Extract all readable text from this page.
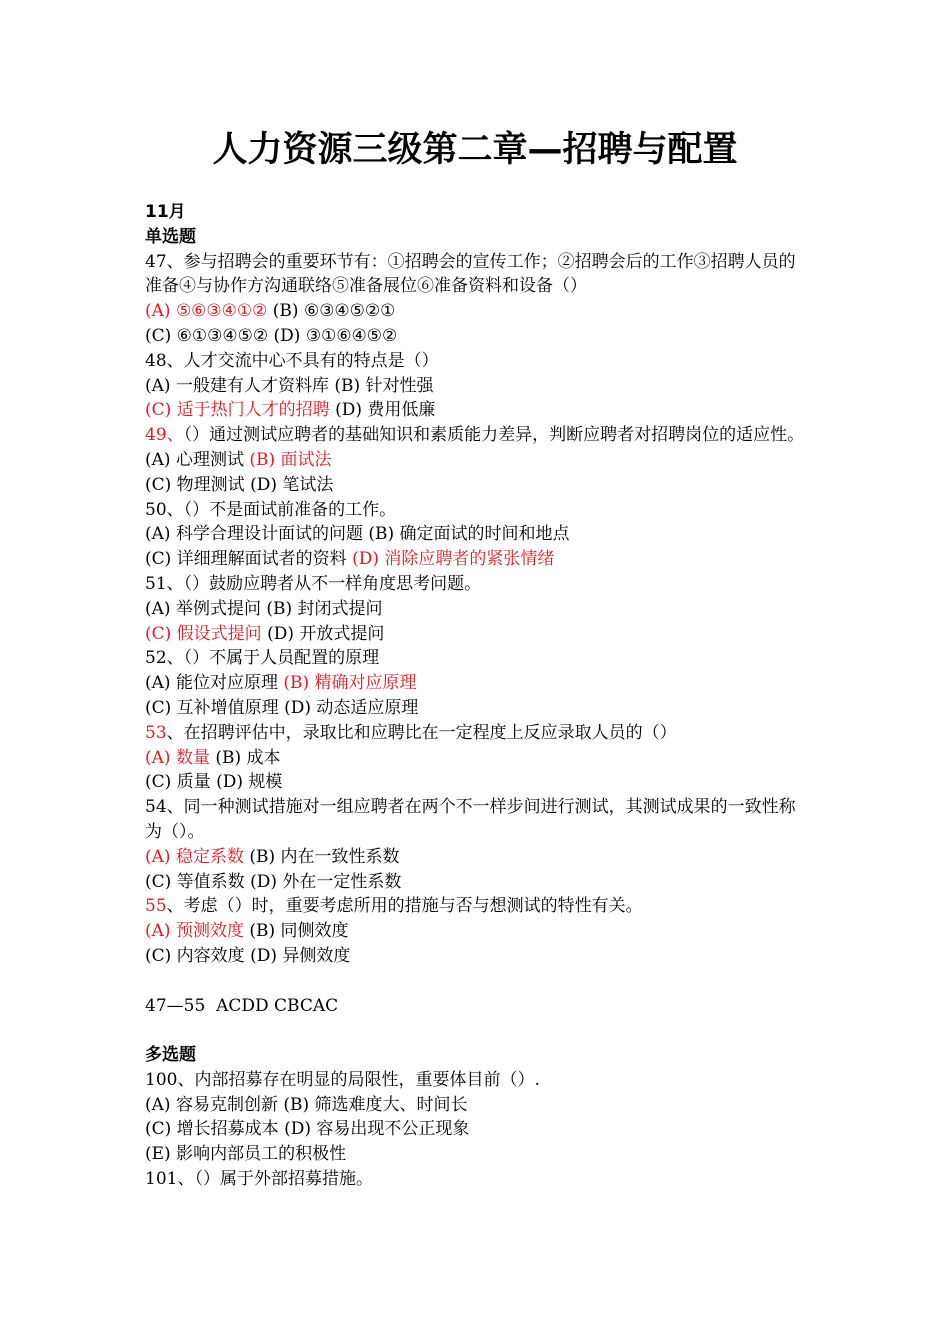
人力资源三级第二章—招聘与配置
11月
单选题
47、参与招聘会的重要环节有：①招聘会的宣传工作；②招聘会后的工作③招聘人员的准备④与协作方沟通联络⑤准备展位⑥准备资料和设备（）
(A) ⑤⑥③④①② (B) ⑥③④⑤②①
(C) ⑥①③④⑤② (D) ③①⑥④⑤②
48、人才交流中心不具有的特点是（）
(A) 一般建有人才资料库 (B) 针对性强
(C) 适于热门人才的招聘 (D) 费用低廉
49、（）通过测试应聘者的基础知识和素质能力差异，判断应聘者对招聘岗位的适应性。
(A) 心理测试 (B) 面试法
(C) 物理测试 (D) 笔试法
50、（）不是面试前准备的工作。
(A) 科学合理设计面试的问题 (B) 确定面试的时间和地点
(C) 详细理解面试者的资料 (D) 消除应聘者的紧张情绪
51、（）鼓励应聘者从不一样角度思考问题。
(A) 举例式提问 (B) 封闭式提问
(C) 假设式提问 (D) 开放式提问
52、（）不属于人员配置的原理
(A) 能位对应原理 (B) 精确对应原理
(C) 互补增值原理 (D) 动态适应原理
53、在招聘评估中，录取比和应聘比在一定程度上反应录取人员的（）
(A) 数量 (B) 成本
(C) 质量 (D) 规模
54、同一种测试措施对一组应聘者在两个不一样步间进行测试，其测试成果的一致性称为（）。
(A) 稳定系数 (B) 内在一致性系数
(C) 等值系数 (D) 外在一定性系数
55、考虑（）时，重要考虑所用的措施与否与想测试的特性有关。
(A) 预测效度 (B) 同侧效度
(C) 内容效度 (D) 异侧效度
47—55  ACDD CBCAC
多选题
100、内部招募存在明显的局限性，重要体目前（）.
(A) 容易克制创新 (B) 筛选难度大、时间长
(C) 增长招募成本 (D) 容易出现不公正现象
(E) 影响内部员工的积极性
101、（）属于外部招募措施。
